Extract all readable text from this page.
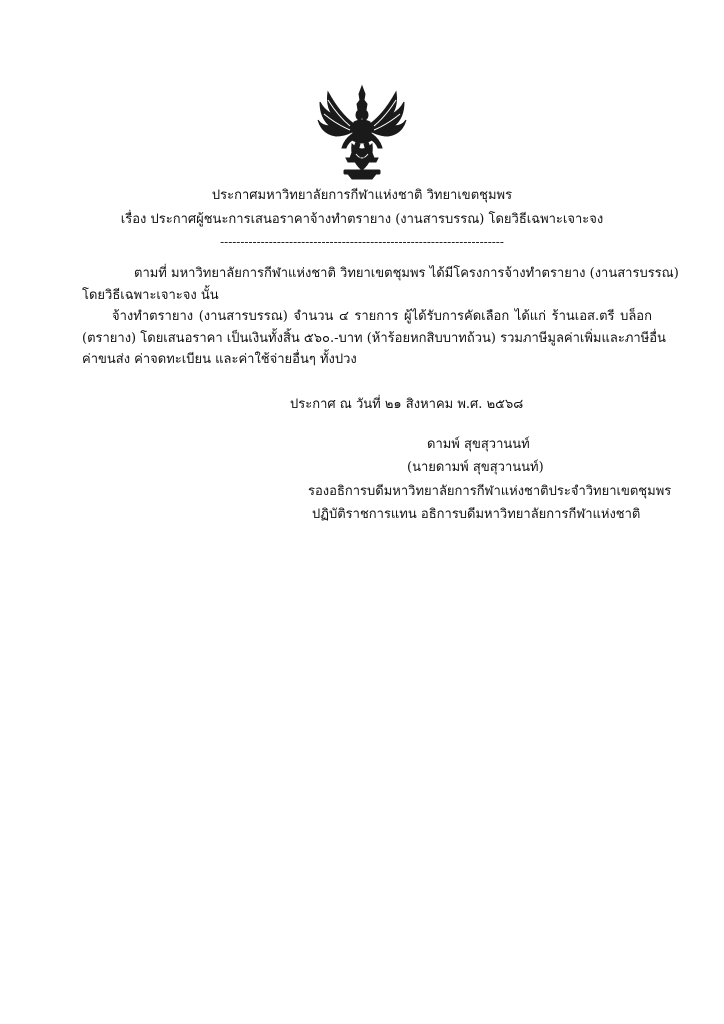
ประกาศมหาวิทยาลัยการกีฬาแห่งชาติ วิทยาเขตชุมพร
เรื่อง ประกาศผู้ชนะการเสนอราคาจ้างทำตรายาง (งานสารบรรณ) โดยวิธีเฉพาะเจาะจง
----------------------------------------------------------------------
ตามที่ มหาวิทยาลัยการกีฬาแห่งชาติ วิทยาเขตชุมพร ได้มีโครงการจ้างทำตรายาง (งานสารบรรณ)
โดยวิธีเฉพาะเจาะจง นั้น
จ้างทำตรายาง (งานสารบรรณ) จำนวน ๔ รายการ ผู้ได้รับการคัดเลือก ได้แก่ ร้านเอส.ตรี บล็อก
(ตรายาง) โดยเสนอราคา เป็นเงินทั้งสิ้น ๕๖๐.-บาท (ห้าร้อยหกสิบบาทถ้วน) รวมภาษีมูลค่าเพิ่มและภาษีอื่น
ค่าขนส่ง ค่าจดทะเบียน และค่าใช้จ่ายอื่นๆ ทั้งปวง
ประกาศ ณ วันที่ ๒๑ สิงหาคม พ.ศ. ๒๕๖๘
ดามพ์ สุขสุวานนท์
(นายดามพ์ สุขสุวานนท์)
รองอธิการบดีมหาวิทยาลัยการกีฬาแห่งชาติประจำวิทยาเขตชุมพร
ปฏิบัติราชการแทน อธิการบดีมหาวิทยาลัยการกีฬาแห่งชาติ
